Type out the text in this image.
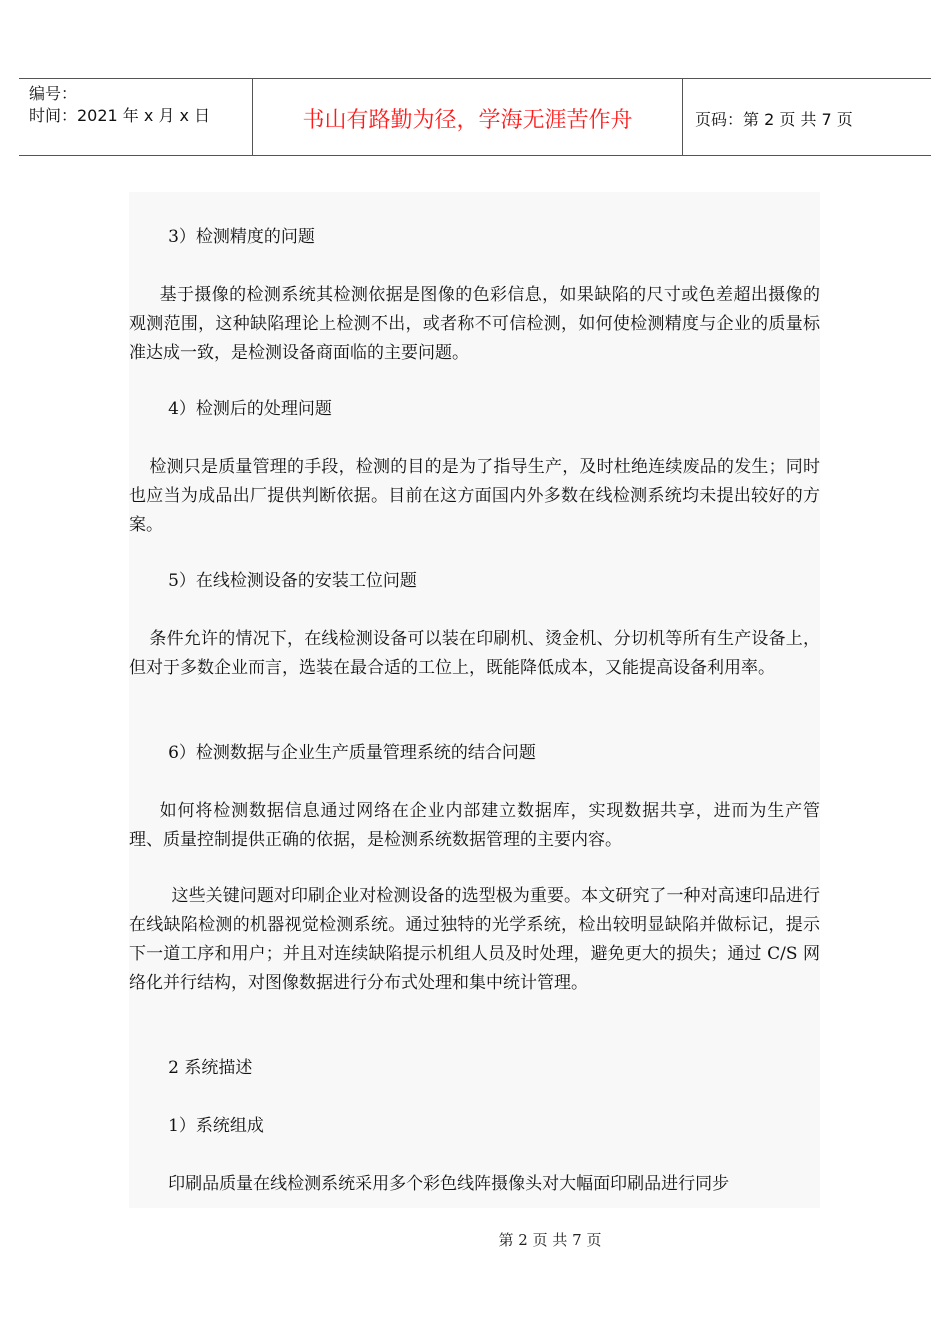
编号：
时间：2021 年 x 月 x 日	书山有路勤为径，学海无涯苦作舟	页码：第 2 页 共 7 页

3）检测精度的问题

基于摄像的检测系统其检测依据是图像的色彩信息，如果缺陷的尺寸或色差超出摄像的观测范围，这种缺陷理论上检测不出，或者称不可信检测，如何使检测精度与企业的质量标准达成一致，是检测设备商面临的主要问题。

4）检测后的处理问题

检测只是质量管理的手段，检测的目的是为了指导生产，及时杜绝连续废品的发生；同时也应当为成品出厂提供判断依据。目前在这方面国内外多数在线检测系统均未提出较好的方案。

5）在线检测设备的安装工位问题

条件允许的情况下，在线检测设备可以装在印刷机、烫金机、分切机等所有生产设备上，但对于多数企业而言，选装在最合适的工位上，既能降低成本，又能提高设备利用率。

6）检测数据与企业生产质量管理系统的结合问题

如何将检测数据信息通过网络在企业内部建立数据库，实现数据共享，进而为生产管理、质量控制提供正确的依据，是检测系统数据管理的主要内容。

这些关键问题对印刷企业对检测设备的选型极为重要。本文研究了一种对高速印品进行在线缺陷检测的机器视觉检测系统。通过独特的光学系统，检出较明显缺陷并做标记，提示下一道工序和用户；并且对连续缺陷提示机组人员及时处理，避免更大的损失；通过 C/S 网络化并行结构，对图像数据进行分布式处理和集中统计管理。

2 系统描述

1）系统组成

印刷品质量在线检测系统采用多个彩色线阵摄像头对大幅面印刷品进行同步

第 2 页 共 7 页
